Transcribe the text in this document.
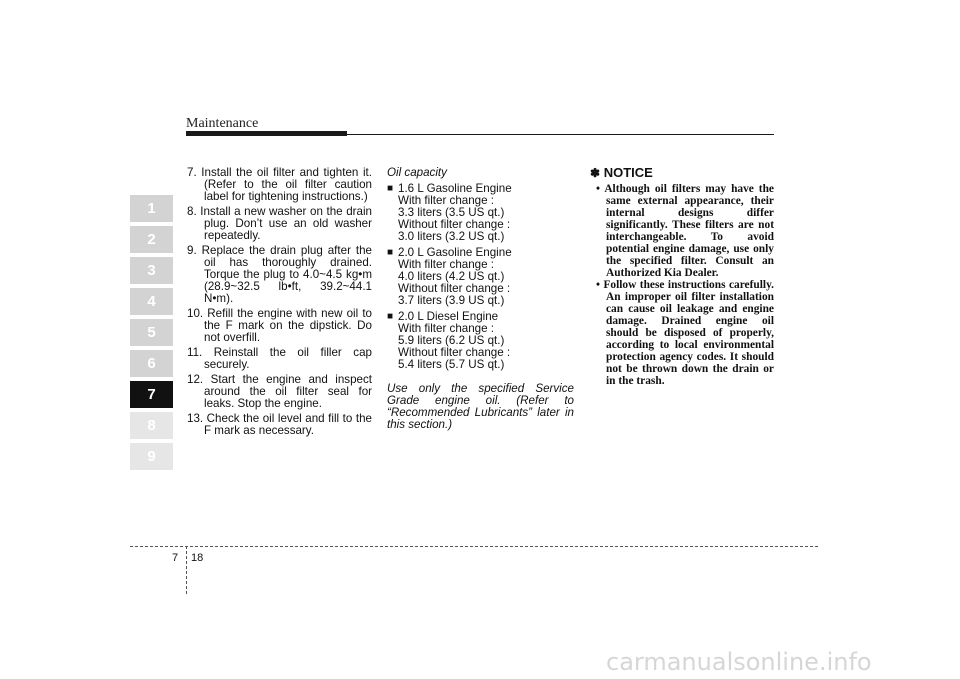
Maintenance
1
2
3
4
5
6
7
8
9

7. Install the oil filter and tighten it. (Refer to the oil filter caution label for tightening instructions.)

8. Install a new washer on the drain plug. Don’t use an old washer repeatedly.

9. Replace the drain plug after the oil has thoroughly drained. Torque the plug to 4.0~4.5 kg•m (28.9~32.5 lb•ft, 39.2~44.1 N•m).

10. Refill the engine with new oil to the F mark on the dipstick. Do not overfill.

11. Reinstall the oil filler cap securely.

12. Start the engine and inspect around the oil filter seal for leaks. Stop the engine.

13. Check the oil level and fill to the F mark as necessary.

Oil capacity
■ 1.6 L Gasoline Engine
With filter change :
3.3 liters (3.5 US qt.)
Without filter change :
3.0 liters (3.2 US qt.)
■ 2.0 L Gasoline Engine
With filter change :
4.0 liters (4.2 US qt.)
Without filter change :
3.7 liters (3.9 US qt.)
■ 2.0 L Diesel Engine
With filter change :
5.9 liters (6.2 US qt.)
Without filter change :
5.4 liters (5.7 US qt.)
Use only the specified Service Grade engine oil. (Refer to “Recommended Lubricants” later in this section.)
✽ NOTICE

• Although oil filters may have the same external appearance, their internal designs differ significantly. These filters are not interchangeable. To avoid potential engine damage, use only the specified filter. Consult an Authorized Kia Dealer.

• Follow these instructions carefully. An improper oil filter installation can cause oil leakage and engine damage. Drained engine oil should be disposed of properly, according to local environmental protection agency codes. It should not be thrown down the drain or in the trash.

7 18
carmanualsonline.info
